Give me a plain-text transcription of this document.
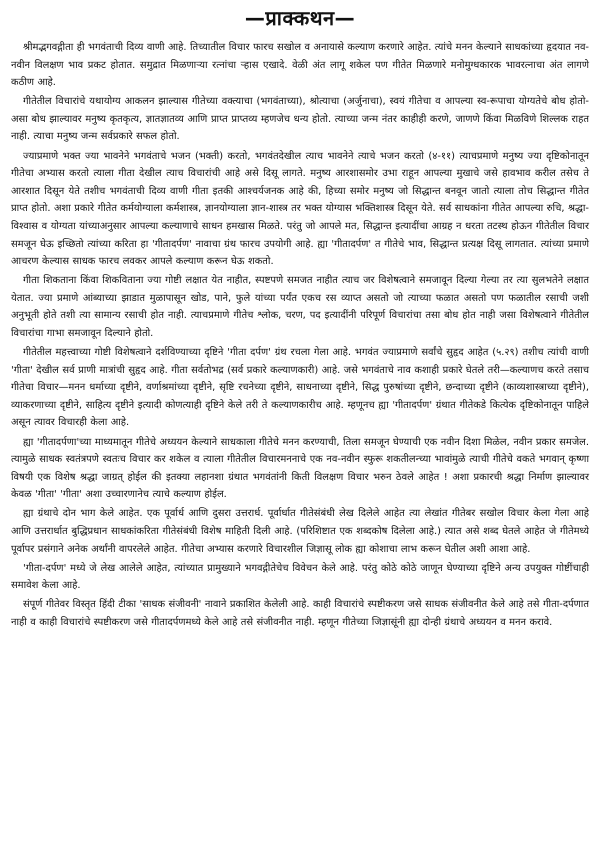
—प्राक्कथन—

श्रीमद्भगवद्गीता ही भगवंताची दिव्य वाणी आहे. तिच्यातील विचार फारच सखोल व अनायासे कल्याण करणारे आहेत. त्यांचे मनन केल्याने साधकांच्या हृदयात नव-नवीन विलक्षण भाव प्रकट होतात. समुद्रात मिळणाऱ्या रत्नांचा ऱ्हास एखादे. वेळी अंत लागू शकेल पण गीतेत मिळणारे मनोमुग्धकारक भावरत्नाचा अंत लागणे कठीण आहे.

गीतेतील विचारांचे यथायोग्य आकलन झाल्यास गीतेच्या वक्त्याचा (भगवंताच्या), श्रोत्याचा (अर्जुनाचा), स्वयं गीतेचा व आपल्या स्व-रूपाचा योग्यतेचे बोध होतो-असा बोध झाल्यावर मनुष्य कृतकृत्य, ज्ञातज्ञातव्य आणि प्राप्त प्राप्तव्य म्हणजेच धन्य होतो. त्याच्या जन्म नंतर काहीही करणे, जाणणे किंवा मिळविणे शिल्लक राहत नाही. त्याचा मनुष्य जन्म सर्वप्रकारे सफल होतो.

ज्याप्रमाणे भक्त ज्या भावनेने भगवंताचे भजन (भक्ती) करतो, भगवंतदेखील त्याच भावनेने त्याचे भजन करतो (४-११) त्याचप्रमाणे मनुष्य ज्या दृष्टिकोनातून गीतेचा अभ्यास करतो त्याला गीता देखील त्याच विचारांची आहे असे दिसू लागते. मनुष्य आरशासमोर उभा राहून आपल्या मुखाचे जसे हावभाव करील तसेच ते आरशात दिसून येते तशीच भगवंताची दिव्य वाणी गीता इतकी आश्चर्यजनक आहे की, हिच्या समोर मनुष्य जो सिद्धान्त बनवून जातो त्याला तोच सिद्धान्त गीतेत प्राप्त होतो. अशा प्रकारे गीतेत कर्मयोग्याला कर्मशास्त्र, ज्ञानयोग्याला ज्ञान-शास्त्र तर भक्त योग्यास भक्तिशास्त्र दिसून येते. सर्व साधकांना गीतेत आपल्या रुचि, श्रद्धा-विश्वास व योग्यता यांच्याअनुसार आपल्या कल्याणाचे साधन हमखास मिळते. परंतु जो आपले मत, सिद्धान्त इत्यादींचा आग्रह न धरता तटस्थ होऊन गीतेतील विचार समजून घेऊ इच्छितो त्यांच्या करिता हा 'गीतादर्पण' नावाचा ग्रंथ फारच उपयोगी आहे. ह्या 'गीतादर्पण' त गीतेचे भाव, सिद्धान्त प्रत्यक्ष दिसू लागतात. त्यांच्या प्रमाणे आचरण केल्यास साधक फारच लवकर आपले कल्याण करून घेऊ शकतो.

गीता शिकताना किंवा शिकविताना ज्या गोष्टी लक्षात येत नाहीत, स्पष्टपणे समजत नाहीत त्याच जर विशेषत्वाने समजावून दिल्या गेल्या तर त्या सुलभतेने लक्षात येतात. ज्या प्रमाणे आंब्याच्या झाडात मुळापासून खोड, पाने, फुले यांच्या पर्यंत एकच रस व्याप्त असतो जो त्याच्या फळात असतो पण फळातील रसाची जशी अनुभूती होते तशी त्या सामान्य रसाची होत नाही. त्याचप्रमाणे गीतेच श्लोक, चरण, पद इत्यादींनी परिपूर्ण विचारांचा तसा बोध होत नाही जसा विशेषत्वाने गीतेतील विचारांचा गाभा समजावून दिल्याने होतो.

गीतेतील महत्त्वाच्या गोष्टी विशेषत्वाने दर्शविण्याच्या दृष्टिने 'गीता दर्पण' ग्रंथ रचला गेला आहे. भगवंत ज्याप्रमाणे सर्वांचे सुहृद आहेत (५.२९) तशीच त्यांची वाणी 'गीता' देखील सर्व प्राणी मात्रांची सुहृद आहे. गीता सर्वतोभद्र (सर्व प्रकारे कल्याणकारी) आहे. जसे भगवंताचे नाव कशाही प्रकारे घेतले तरी—कल्याणच करते तसाच गीतेचा विचार—मनन धर्माच्या दृष्टीने, वर्णाश्रमांच्या दृष्टीने, सृष्टि रचनेच्या दृष्टीने, साधनाच्या दृष्टीने, सिद्ध पुरुषांच्या दृष्टीने, छन्दाच्या दृष्टीने (काव्यशास्त्राच्या दृष्टीने), व्याकरणाच्या दृष्टीने, साहित्य दृष्टीने इत्यादी कोणत्याही दृष्टिने केले तरी ते कल्याणकारीच आहे. म्हणूनच ह्या 'गीतादर्पण' ग्रंथात गीतेकडे कित्येक दृष्टिकोनातून पाहिले असून त्यावर विचारही केला आहे.

ह्या 'गीतादर्पणा'च्या माध्यमातून गीतेचे अध्ययन केल्याने साधकाला गीतेचे मनन करण्याची, तिला समजून घेण्याची एक नवीन दिशा मिळेल, नवीन प्रकार समजेल. त्यामुळे साधक स्वतंत्रपणे स्वतःच विचार कर शकेल व त्याला गीतेतील विचारमननाचे एक नव-नवीन स्फुरू शकतीलन्च्या भावांमुळे त्याची गीतेचे वकते भगवान् कृष्णा विषयी एक विशेष श्रद्धा जाग्रत् होईल की इतक्या लहानशा ग्रंथात भगवंतांनी किती विलक्षण विचार भरुन ठेवले आहेत ! अशा प्रकारची श्रद्धा निर्माण झाल्यावर केवळ 'गीता' 'गीता' अशा उच्चारणानेच त्याचे कल्याण होईल.

ह्या ग्रंथाचे दोन भाग केले आहेत. एक पूर्वार्ध आणि दुसरा उत्तरार्ध. पूर्वार्धात गीतेसंबंधी लेख दिलेले आहेत त्या लेखांत गीतेबर सखोल विचार केला गेला आहे आणि उत्तरार्धात बुद्धिप्रधान साधकांकरिता गीतेसंबंधी विशेष माहिती दिली आहे. (परिशिष्टात एक शब्दकोष दिलेला आहे.) त्यात असे शब्द घेतले आहेत जे गीतेमध्ये पूर्वापर प्रसंगाने अनेक अर्थांनी वापरलेले आहेत. गीतेचा अभ्यास करणारे विचारशील जिज्ञासू लोक ह्या कोशाचा लाभ करून घेतील अशी आशा आहे.

'गीता-दर्पण' मध्ये जे लेख आलेले आहेत, त्यांच्यात प्रामुख्याने भगवद्गीतेचेच विवेचन केले आहे. परंतु कोठे कोठे जाणून घेण्याच्या दृष्टिने अन्य उपयुक्त गोष्टींचाही समावेश केला आहे.

संपूर्ण गीतेवर विस्तृत हिंदी टीका 'साधक संजीवनी' नावाने प्रकाशित केलेली आहे. काही विचारांचे स्पष्टीकरण जसे साधक संजीवनीत केले आहे तसे गीता-दर्पणात नाही व काही विचारांचे स्पष्टीकरण जसे गीतादर्पणमध्ये केले आहे तसे संजीवनीत नाही. म्हणून गीतेच्या जिज्ञासूंनी ह्या दोन्ही ग्रंथाचे अध्ययन व मनन करावे.
